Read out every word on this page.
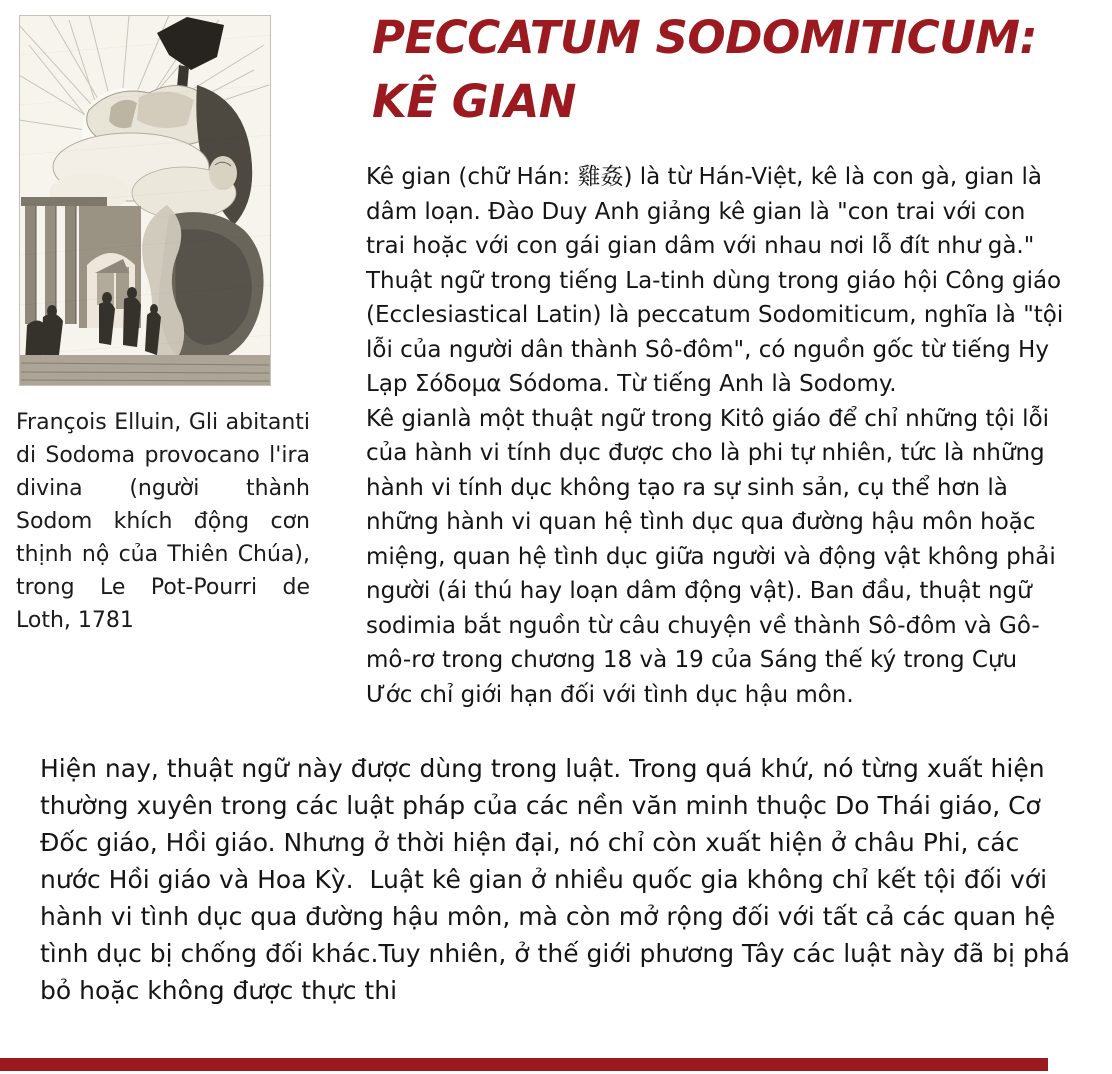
François Elluin, Gli abitanti di Sodoma provocano l'ira divina (người thành Sodom khích động cơn thịnh nộ của Thiên Chúa), trong Le Pot-Pourri de Loth, 1781
PECCATUM SODOMITICUM:
KÊ GIAN

Kê gian (chữ Hán: 雞姦) là từ Hán-Việt, kê là con gà, gian là dâm loạn. Đào Duy Anh giảng kê gian là "con trai với con trai hoặc với con gái gian dâm với nhau nơi lỗ đít như gà." Thuật ngữ trong tiếng La-tinh dùng trong giáo hội Công giáo (Ecclesiastical Latin) là peccatum Sodomiticum, nghĩa là "tội lỗi của người dân thành Sô-đôm", có nguồn gốc từ tiếng Hy Lạp Σόδομα Sódoma. Từ tiếng Anh là Sodomy.

Kê gianlà một thuật ngữ trong Kitô giáo để chỉ những tội lỗi của hành vi tính dục được cho là phi tự nhiên, tức là những hành vi tính dục không tạo ra sự sinh sản, cụ thể hơn là những hành vi quan hệ tình dục qua đường hậu môn hoặc miệng, quan hệ tình dục giữa người và động vật không phải người (ái thú hay loạn dâm động vật). Ban đầu, thuật ngữ sodimia bắt nguồn từ câu chuyện về thành Sô-đôm và Gô-mô-rơ trong chương 18 và 19 của Sáng thế ký trong Cựu Ước chỉ giới hạn đối với tình dục hậu môn.

Hiện nay, thuật ngữ này được dùng trong luật. Trong quá khứ, nó từng xuất hiện thường xuyên trong các luật pháp của các nền văn minh thuộc Do Thái giáo, Cơ Đốc giáo, Hồi giáo. Nhưng ở thời hiện đại, nó chỉ còn xuất hiện ở châu Phi, các nước Hồi giáo và Hoa Kỳ.  Luật kê gian ở nhiều quốc gia không chỉ kết tội đối với hành vi tình dục qua đường hậu môn, mà còn mở rộng đối với tất cả các quan hệ tình dục bị chống đối khác.Tuy nhiên, ở thế giới phương Tây các luật này đã bị phá bỏ hoặc không được thực thi
